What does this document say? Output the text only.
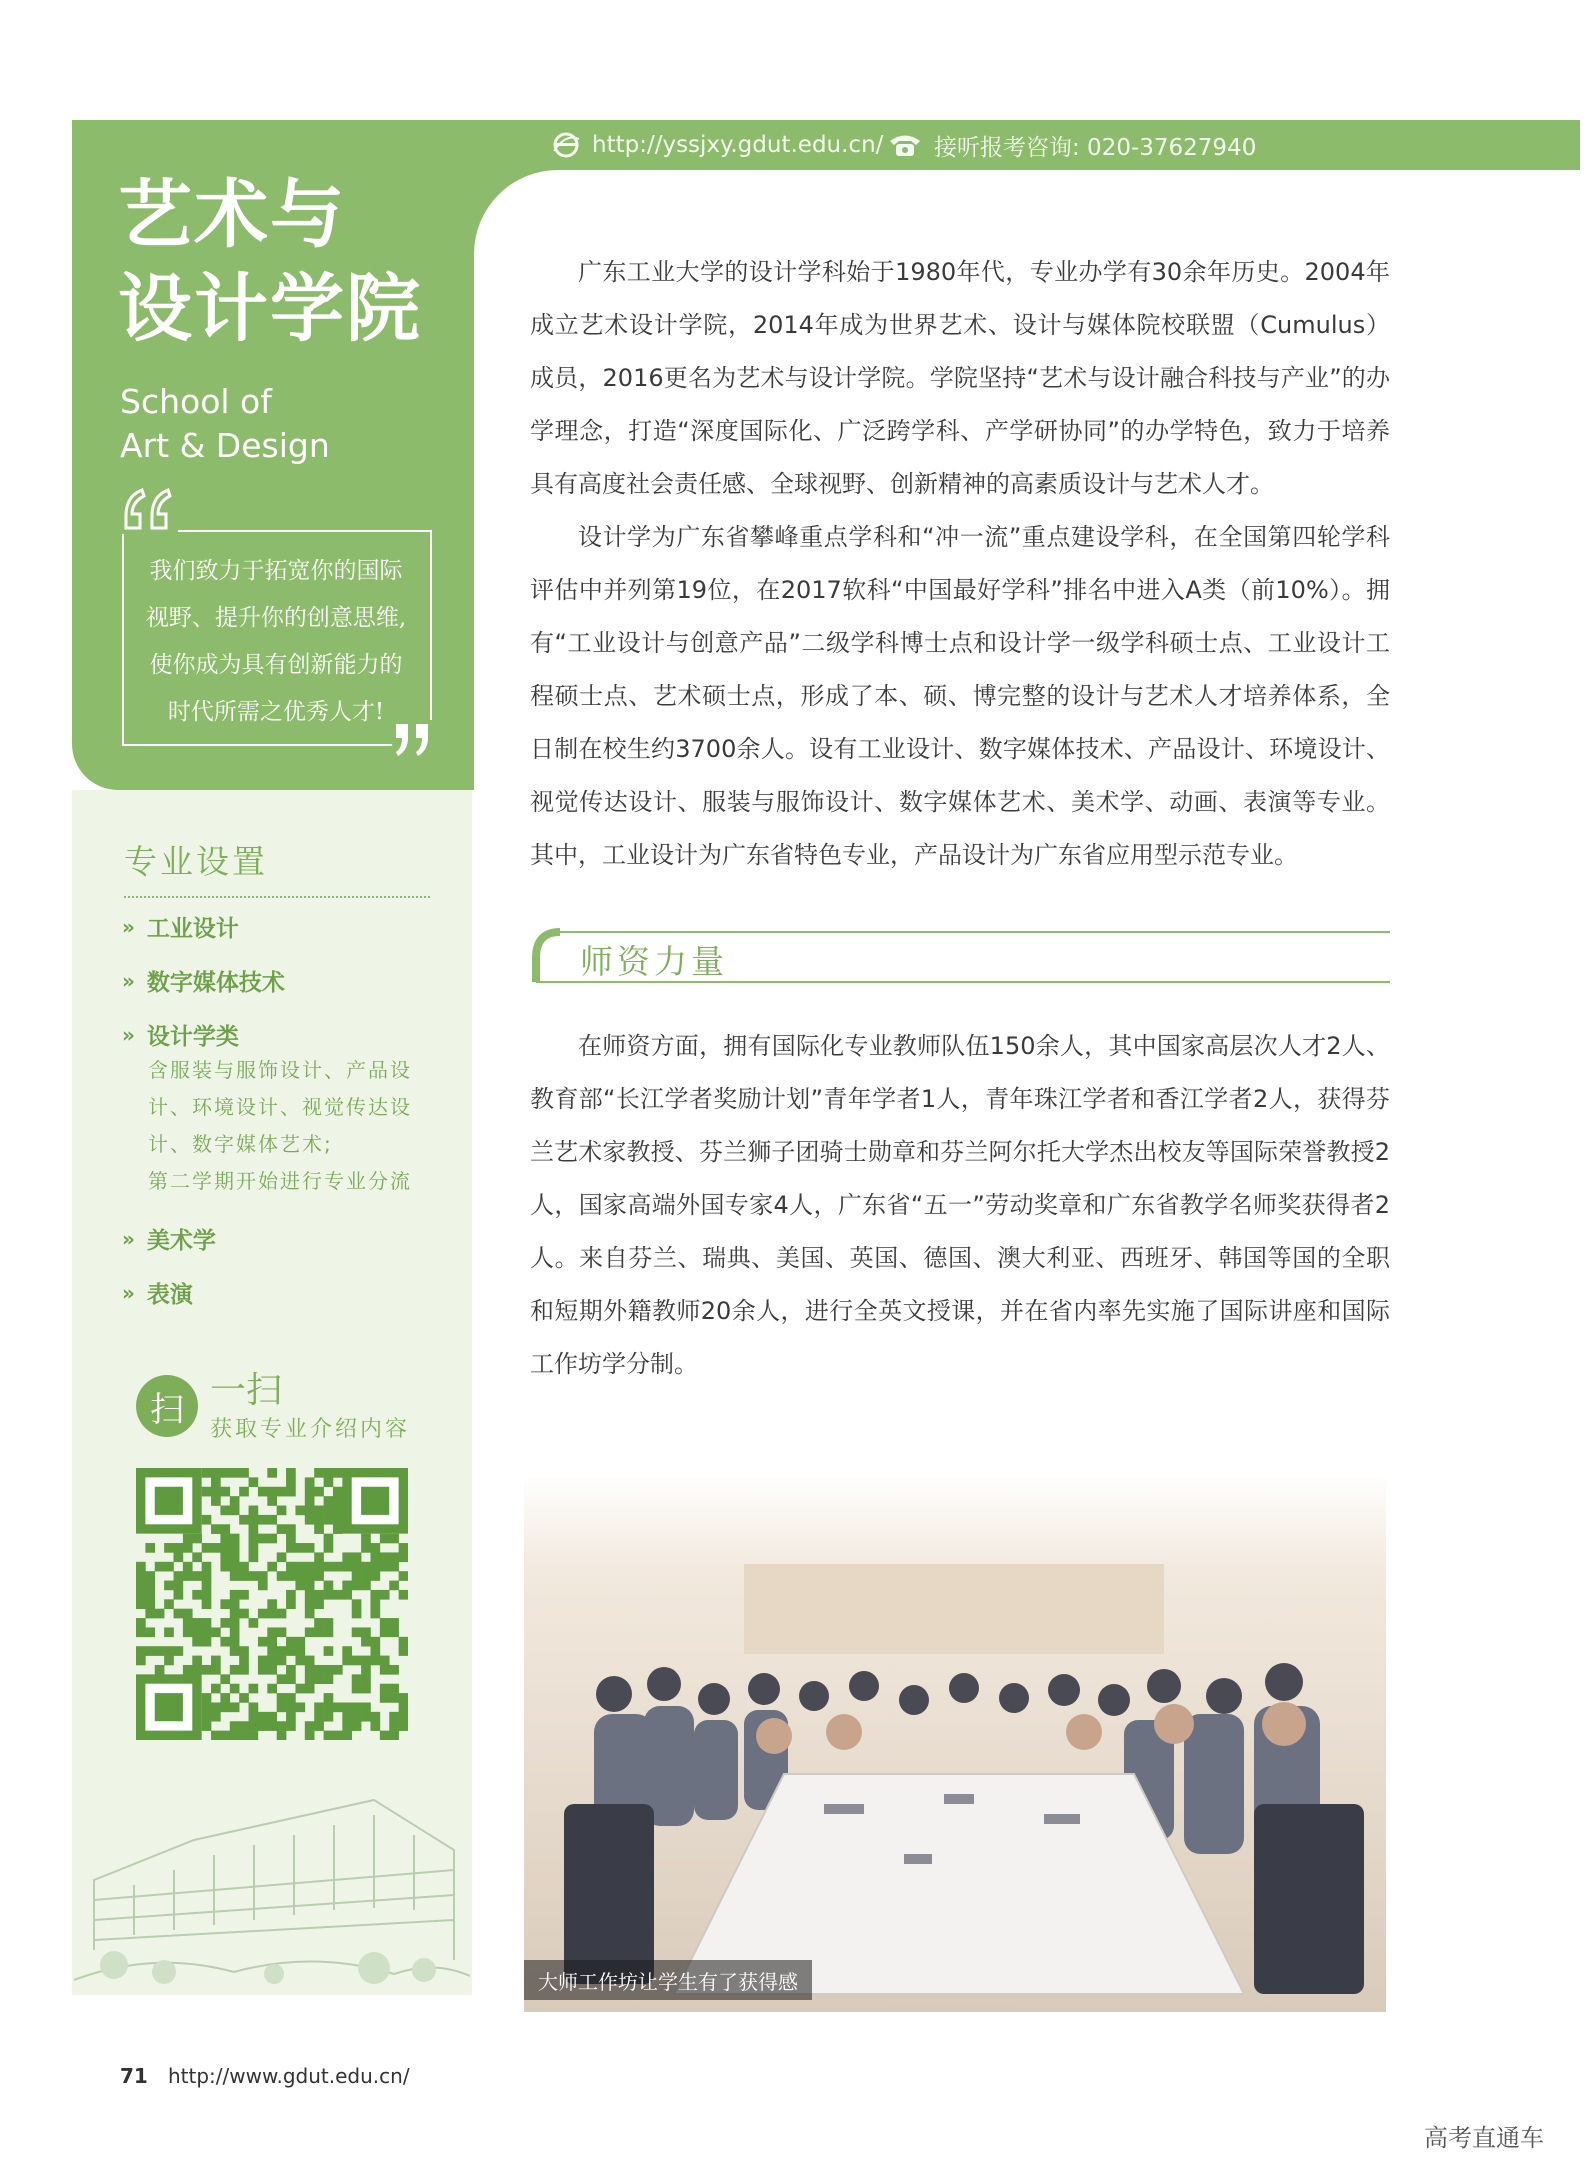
http://yssjxy.gdut.edu.cn/ 接听报考咨询: 020-37627940
艺术与
设计学院
School of
Art & Design
我们致力于拓宽你的国际
视野、提升你的创意思维,
使你成为具有创新能力的
时代所需之优秀人才!
专业设置
» 工业设计
» 数字媒体技术
» 设计学类
含服装与服饰设计、产品设
计、环境设计、视觉传达设
计、数字媒体艺术;
第二学期开始进行专业分流
» 美术学
» 表演
扫 一扫
获取专业介绍内容
广东工业大学的设计学科始于1980年代，专业办学有30余年历史。2004年成立艺术设计学院，2014年成为世界艺术、设计与媒体院校联盟（Cumulus）成员，2016更名为艺术与设计学院。学院坚持“艺术与设计融合科技与产业”的办学理念，打造“深度国际化、广泛跨学科、产学研协同”的办学特色，致力于培养具有高度社会责任感、全球视野、创新精神的高素质设计与艺术人才。
设计学为广东省攀峰重点学科和“冲一流”重点建设学科，在全国第四轮学科评估中并列第19位，在2017软科“中国最好学科”排名中进入A类（前10%）。拥有“工业设计与创意产品”二级学科博士点和设计学一级学科硕士点、工业设计工程硕士点、艺术硕士点，形成了本、硕、博完整的设计与艺术人才培养体系，全日制在校生约3700余人。设有工业设计、数字媒体技术、产品设计、环境设计、视觉传达设计、服装与服饰设计、数字媒体艺术、美术学、动画、表演等专业。其中，工业设计为广东省特色专业，产品设计为广东省应用型示范专业。
师资力量
在师资方面，拥有国际化专业教师队伍150余人，其中国家高层次人才2人、教育部“长江学者奖励计划”青年学者1人，青年珠江学者和香江学者2人，获得芬兰艺术家教授、芬兰狮子团骑士勋章和芬兰阿尔托大学杰出校友等国际荣誉教授2人，国家高端外国专家4人，广东省“五一”劳动奖章和广东省教学名师奖获得者2人。来自芬兰、瑞典、美国、英国、德国、澳大利亚、西班牙、韩国等国的全职和短期外籍教师20余人，进行全英文授课，并在省内率先实施了国际讲座和国际工作坊学分制。
大师工作坊让学生有了获得感
71 http://www.gdut.edu.cn/
高考直通车
